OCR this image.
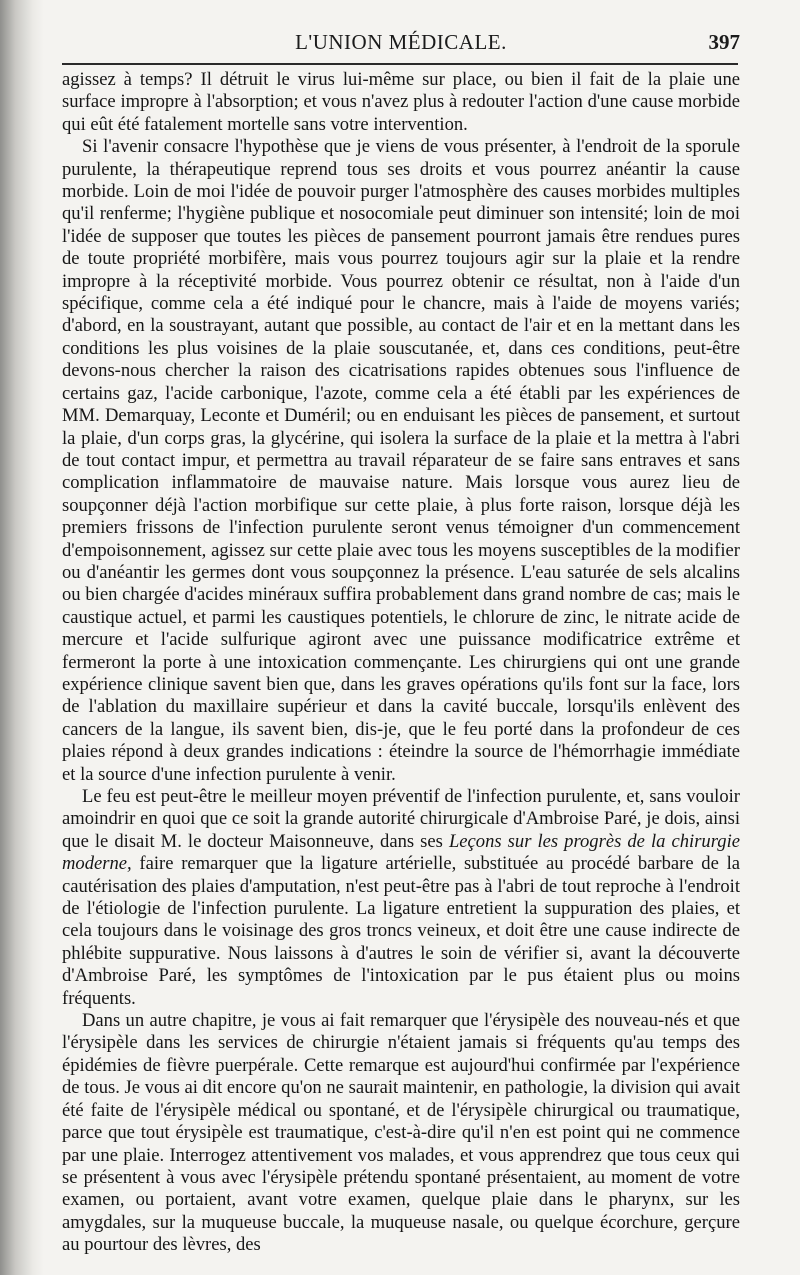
L'UNION MÉDICALE.	397

agissez à temps? Il détruit le virus lui-même sur place, ou bien il fait de la plaie une surface impropre à l'absorption; et vous n'avez plus à redouter l'action d'une cause morbide qui eût été fatalement mortelle sans votre intervention.

Si l'avenir consacre l'hypothèse que je viens de vous présenter, à l'endroit de la sporule purulente, la thérapeutique reprend tous ses droits et vous pourrez anéantir la cause morbide. Loin de moi l'idée de pouvoir purger l'atmosphère des causes morbides multiples qu'il renferme; l'hygiène publique et nosocomiale peut diminuer son intensité; loin de moi l'idée de supposer que toutes les pièces de pansement pourront jamais être rendues pures de toute propriété morbifère, mais vous pourrez toujours agir sur la plaie et la rendre impropre à la réceptivité morbide. Vous pourrez obtenir ce résultat, non à l'aide d'un spécifique, comme cela a été indiqué pour le chancre, mais à l'aide de moyens variés; d'abord, en la soustrayant, autant que possible, au contact de l'air et en la mettant dans les conditions les plus voisines de la plaie souscutanée, et, dans ces conditions, peut-être devons-nous chercher la raison des cicatrisations rapides obtenues sous l'influence de certains gaz, l'acide carbonique, l'azote, comme cela a été établi par les expériences de MM. Demarquay, Leconte et Duméril; ou en enduisant les pièces de pansement, et surtout la plaie, d'un corps gras, la glycérine, qui isolera la surface de la plaie et la mettra à l'abri de tout contact impur, et permettra au travail réparateur de se faire sans entraves et sans complication inflammatoire de mauvaise nature. Mais lorsque vous aurez lieu de soupçonner déjà l'action morbifique sur cette plaie, à plus forte raison, lorsque déjà les premiers frissons de l'infection purulente seront venus témoigner d'un commencement d'empoisonnement, agissez sur cette plaie avec tous les moyens susceptibles de la modifier ou d'anéantir les germes dont vous soupçonnez la présence. L'eau saturée de sels alcalins ou bien chargée d'acides minéraux suffira probablement dans grand nombre de cas; mais le caustique actuel, et parmi les caustiques potentiels, le chlorure de zinc, le nitrate acide de mercure et l'acide sulfurique agiront avec une puissance modificatrice extrême et fermeront la porte à une intoxication commençante. Les chirurgiens qui ont une grande expérience clinique savent bien que, dans les graves opérations qu'ils font sur la face, lors de l'ablation du maxillaire supérieur et dans la cavité buccale, lorsqu'ils enlèvent des cancers de la langue, ils savent bien, dis-je, que le feu porté dans la profondeur de ces plaies répond à deux grandes indications : éteindre la source de l'hémorrhagie immédiate et la source d'une infection purulente à venir.

Le feu est peut-être le meilleur moyen préventif de l'infection purulente, et, sans vouloir amoindrir en quoi que ce soit la grande autorité chirurgicale d'Ambroise Paré, je dois, ainsi que le disait M. le docteur Maisonneuve, dans ses Leçons sur les progrès de la chirurgie moderne, faire remarquer que la ligature artérielle, substituée au procédé barbare de la cautérisation des plaies d'amputation, n'est peut-être pas à l'abri de tout reproche à l'endroit de l'étiologie de l'infection purulente. La ligature entretient la suppuration des plaies, et cela toujours dans le voisinage des gros troncs veineux, et doit être une cause indirecte de phlébite suppurative. Nous laissons à d'autres le soin de vérifier si, avant la découverte d'Ambroise Paré, les symptômes de l'intoxication par le pus étaient plus ou moins fréquents.

Dans un autre chapitre, je vous ai fait remarquer que l'érysipèle des nouveau-nés et que l'érysipèle dans les services de chirurgie n'étaient jamais si fréquents qu'au temps des épidémies de fièvre puerpérale. Cette remarque est aujourd'hui confirmée par l'expérience de tous. Je vous ai dit encore qu'on ne saurait maintenir, en pathologie, la division qui avait été faite de l'érysipèle médical ou spontané, et de l'érysipèle chirurgical ou traumatique, parce que tout érysipèle est traumatique, c'est-à-dire qu'il n'en est point qui ne commence par une plaie. Interrogez attentivement vos malades, et vous apprendrez que tous ceux qui se présentent à vous avec l'érysipèle prétendu spontané présentaient, au moment de votre examen, ou portaient, avant votre examen, quelque plaie dans le pharynx, sur les amygdales, sur la muqueuse buccale, la muqueuse nasale, ou quelque écorchure, gerçure au pourtour des lèvres, des
